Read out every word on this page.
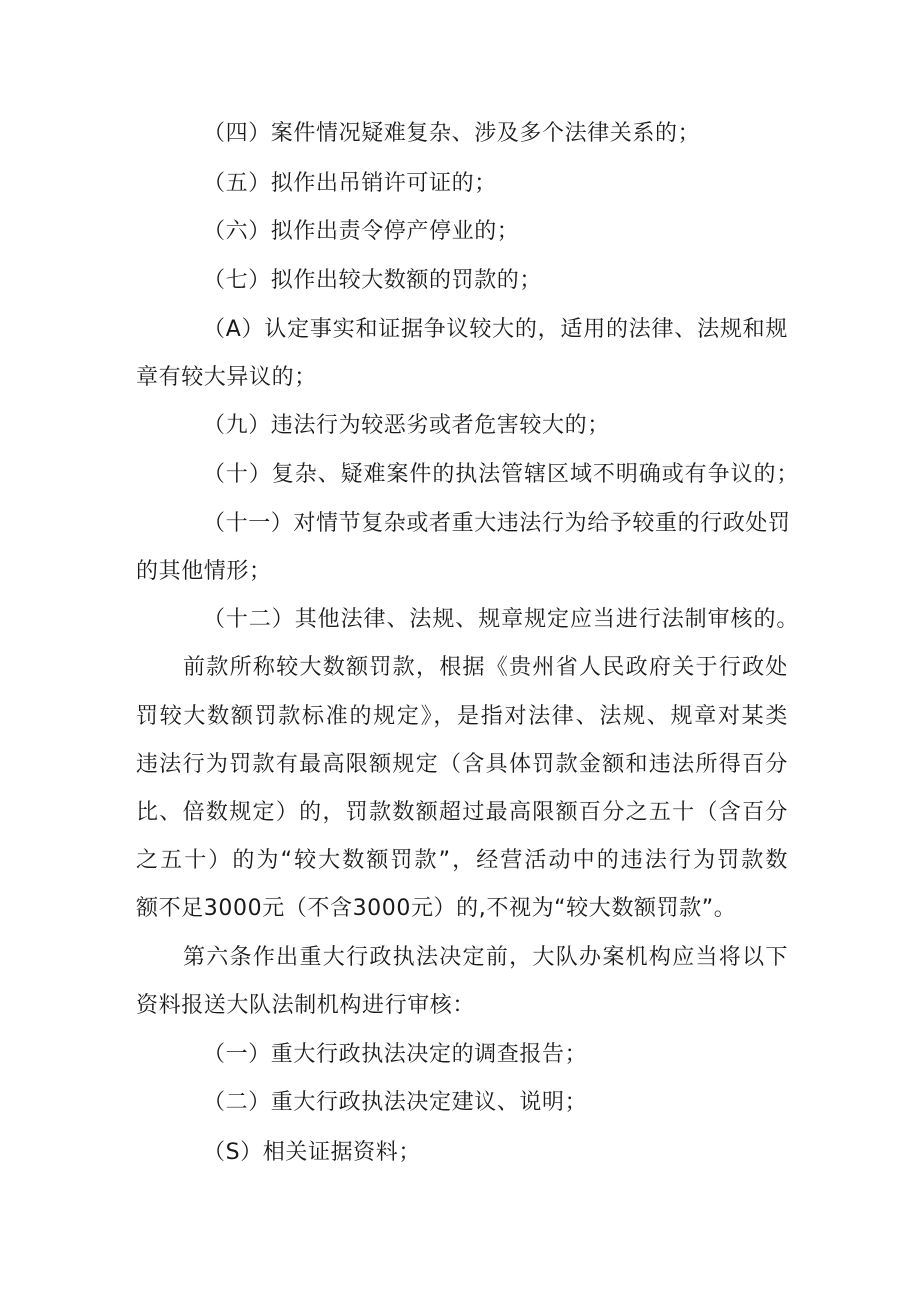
（四）案件情况疑难复杂、涉及多个法律关系的；

（五）拟作出吊销许可证的；

（六）拟作出责令停产停业的；

（七）拟作出较大数额的罚款的；

（A）认定事实和证据争议较大的，适用的法律、法规和规

章有较大异议的；

（九）违法行为较恶劣或者危害较大的；

（十）复杂、疑难案件的执法管辖区域不明确或有争议的；

（十一）对情节复杂或者重大违法行为给予较重的行政处罚

的其他情形；

（十二）其他法律、法规、规章规定应当进行法制审核的。

前款所称较大数额罚款，根据《贵州省人民政府关于行政处

罚较大数额罚款标准的规定》，是指对法律、法规、规章对某类

违法行为罚款有最高限额规定（含具体罚款金额和违法所得百分

比、倍数规定）的，罚款数额超过最高限额百分之五十（含百分

之五十）的为“较大数额罚款”，经营活动中的违法行为罚款数

额不足3000元（不含3000元）的,不视为“较大数额罚款”。

第六条作出重大行政执法决定前，大队办案机构应当将以下

资料报送大队法制机构进行审核：

（一）重大行政执法决定的调查报告；

（二）重大行政执法决定建议、说明；

（S）相关证据资料；
